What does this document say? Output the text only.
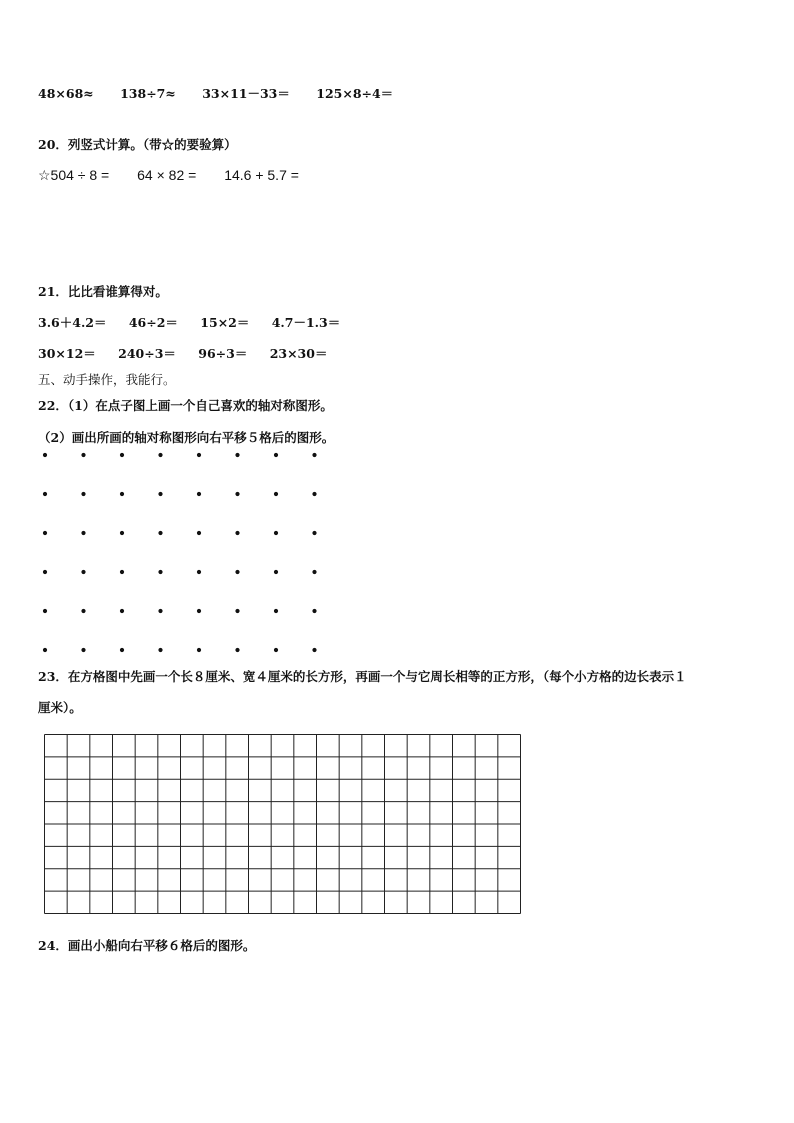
48×68≈ 138÷7≈ 33×11－33＝ 125×8÷4＝
20．列竖式计算。（带☆的要验算）
☆504 ÷ 8 = 64 × 82 = 14.6 + 5.7 =
21．比比看谁算得对。
3.6＋4.2＝ 46÷2＝ 15×2＝ 4.7－1.3＝
30×12＝ 240÷3＝ 96÷3＝ 23×30＝
五、动手操作，我能行。
22．（1）在点子图上画一个自己喜欢的轴对称图形。
（2）画出所画的轴对称图形向右平移５格后的图形。
23．在方格图中先画一个长８厘米、宽４厘米的长方形，再画一个与它周长相等的正方形，（每个小方格的边长表示１
厘米）。
24．画出小船向右平移６格后的图形。
